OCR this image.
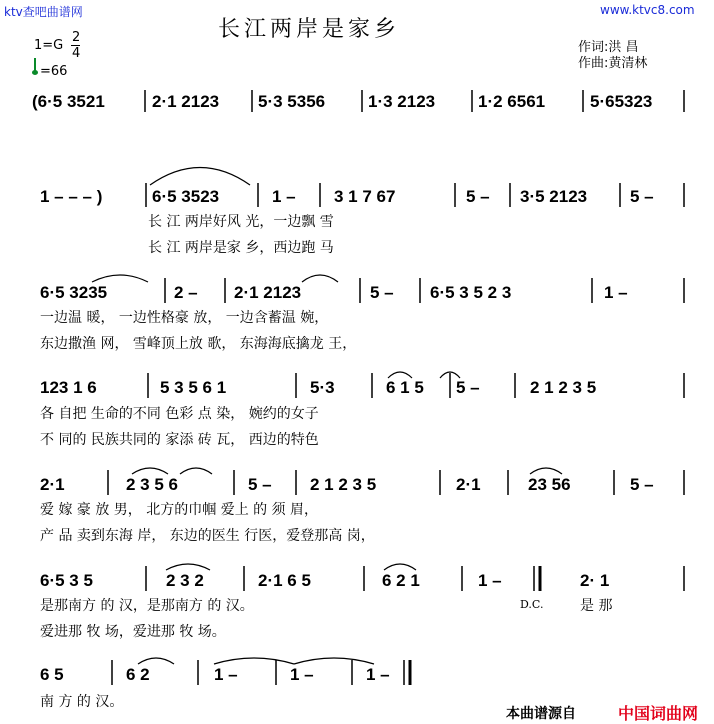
ktv查吧曲谱网	www.ktvc8.com
长江两岸是家乡
1=G
2
4
=66
作词:洪 昌
作曲:黄清林
(6·5 3521	2·1 2123 5·3 5356	1·3 2123	1·2 6561	5·65323
1 – – – )	6·5 3523	1 – 3 1 7 67	5 – 3·5 2123	5 –
长 江 两岸好风 光，一边飘 雪
长 江 两岸是家 乡，西边跑 马
6·5 3235	2 – 2·1 2123	5 – 6·5 3 5 2 3	1 –
一边温 暖， 一边性格豪 放， 一边含蓄温 婉，
东边撒渔 网， 雪峰顶上放 歌， 东海海底擒龙 王，
123 1 6	5 3 5 6 1	5·3	6 1 5 5 –	2 1 2 3 5
各 自把 生命的不同 色彩 点 染， 婉约的女子
不 同的 民族共同的 家添 砖 瓦， 西边的特色
2·1	2 3 5 6	5 – 2 1 2 3 5	2·1	23 56	5 –
爱 嫁 豪 放 男， 北方的巾帼 爱上 的 须 眉，
产 品 卖到东海 岸， 东边的医生 行医，爱登那高 岗，
6·5 3 5	2 3 2	2·1 6 5	6 2 1	1 –	2· 1
是那南方 的 汉，是那南方 的 汉。
爱进那 牧 场，爱进那 牧 场。
D.C.	是 那
6 5	6 2	1 –	1 –	1 –
南 方 的 汉。
本曲谱源自	中国词曲网
